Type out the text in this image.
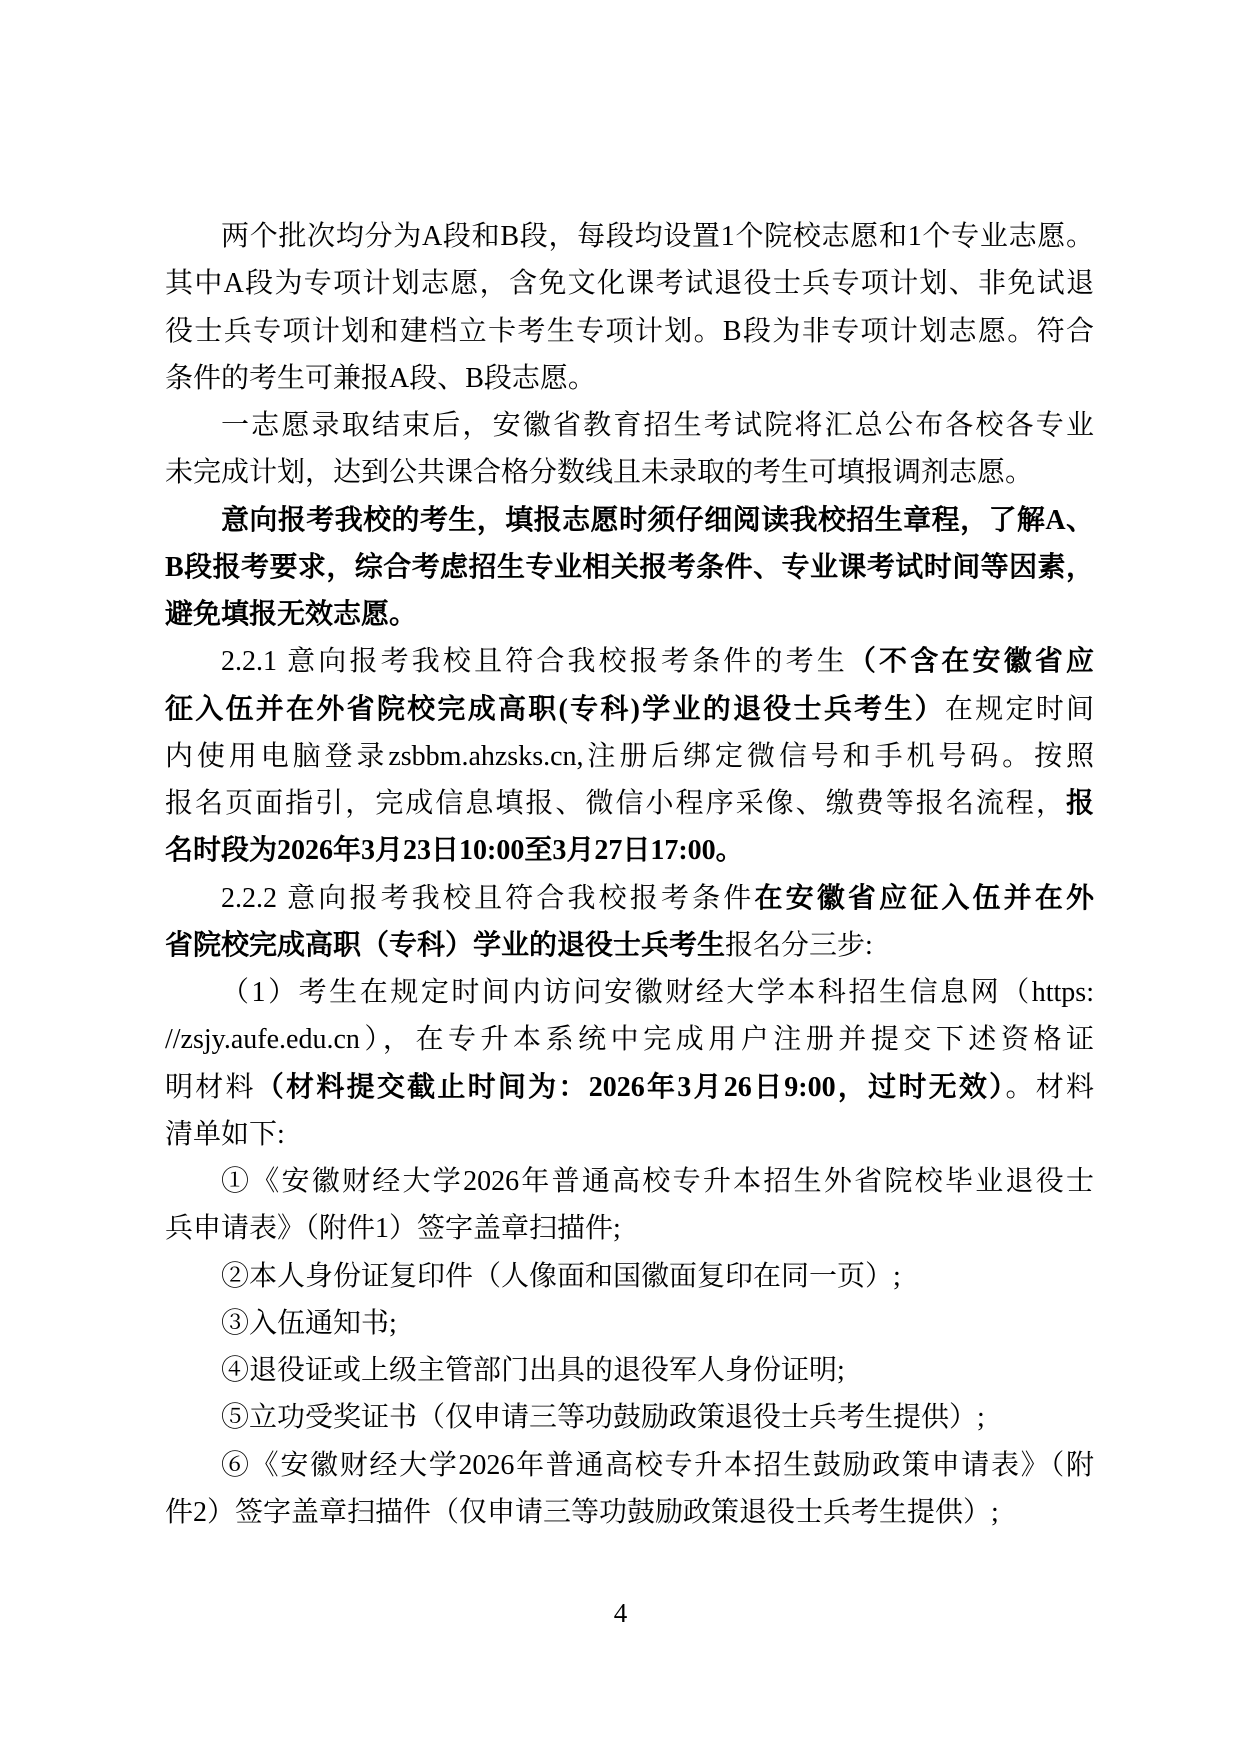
两个批次均分为A段和B段，每段均设置1个院校志愿和1个专业志愿。
其中A段为专项计划志愿，含免文化课考试退役士兵专项计划、非免试退
役士兵专项计划和建档立卡考生专项计划。B段为非专项计划志愿。符合
条件的考生可兼报A段、B段志愿。
一志愿录取结束后，安徽省教育招生考试院将汇总公布各校各专业
未完成计划，达到公共课合格分数线且未录取的考生可填报调剂志愿。
意向报考我校的考生，填报志愿时须仔细阅读我校招生章程，了解A、
B段报考要求，综合考虑招生专业相关报考条件、专业课考试时间等因素，
避免填报无效志愿。
2.2.1 意向报考我校且符合我校报考条件的考生（不含在安徽省应
征入伍并在外省院校完成高职(专科)学业的退役士兵考生）在规定时间
内使用电脑登录zsbbm.ahzsks.cn,注册后绑定微信号和手机号码。按照
报名页面指引，完成信息填报、微信小程序采像、缴费等报名流程，报
名时段为2026年3月23日10:00至3月27日17:00。
2.2.2 意向报考我校且符合我校报考条件在安徽省应征入伍并在外
省院校完成高职（专科）学业的退役士兵考生报名分三步:
（1）考生在规定时间内访问安徽财经大学本科招生信息网（https:
//zsjy.aufe.edu.cn），在专升本系统中完成用户注册并提交下述资格证
明材料（材料提交截止时间为：2026年3月26日9:00，过时无效）。材料
清单如下:
①《安徽财经大学2026年普通高校专升本招生外省院校毕业退役士
兵申请表》（附件1）签字盖章扫描件;
②本人身份证复印件（人像面和国徽面复印在同一页）;
③入伍通知书;
④退役证或上级主管部门出具的退役军人身份证明;
⑤立功受奖证书（仅申请三等功鼓励政策退役士兵考生提供）;
⑥《安徽财经大学2026年普通高校专升本招生鼓励政策申请表》（附
件2）签字盖章扫描件（仅申请三等功鼓励政策退役士兵考生提供）;
4
